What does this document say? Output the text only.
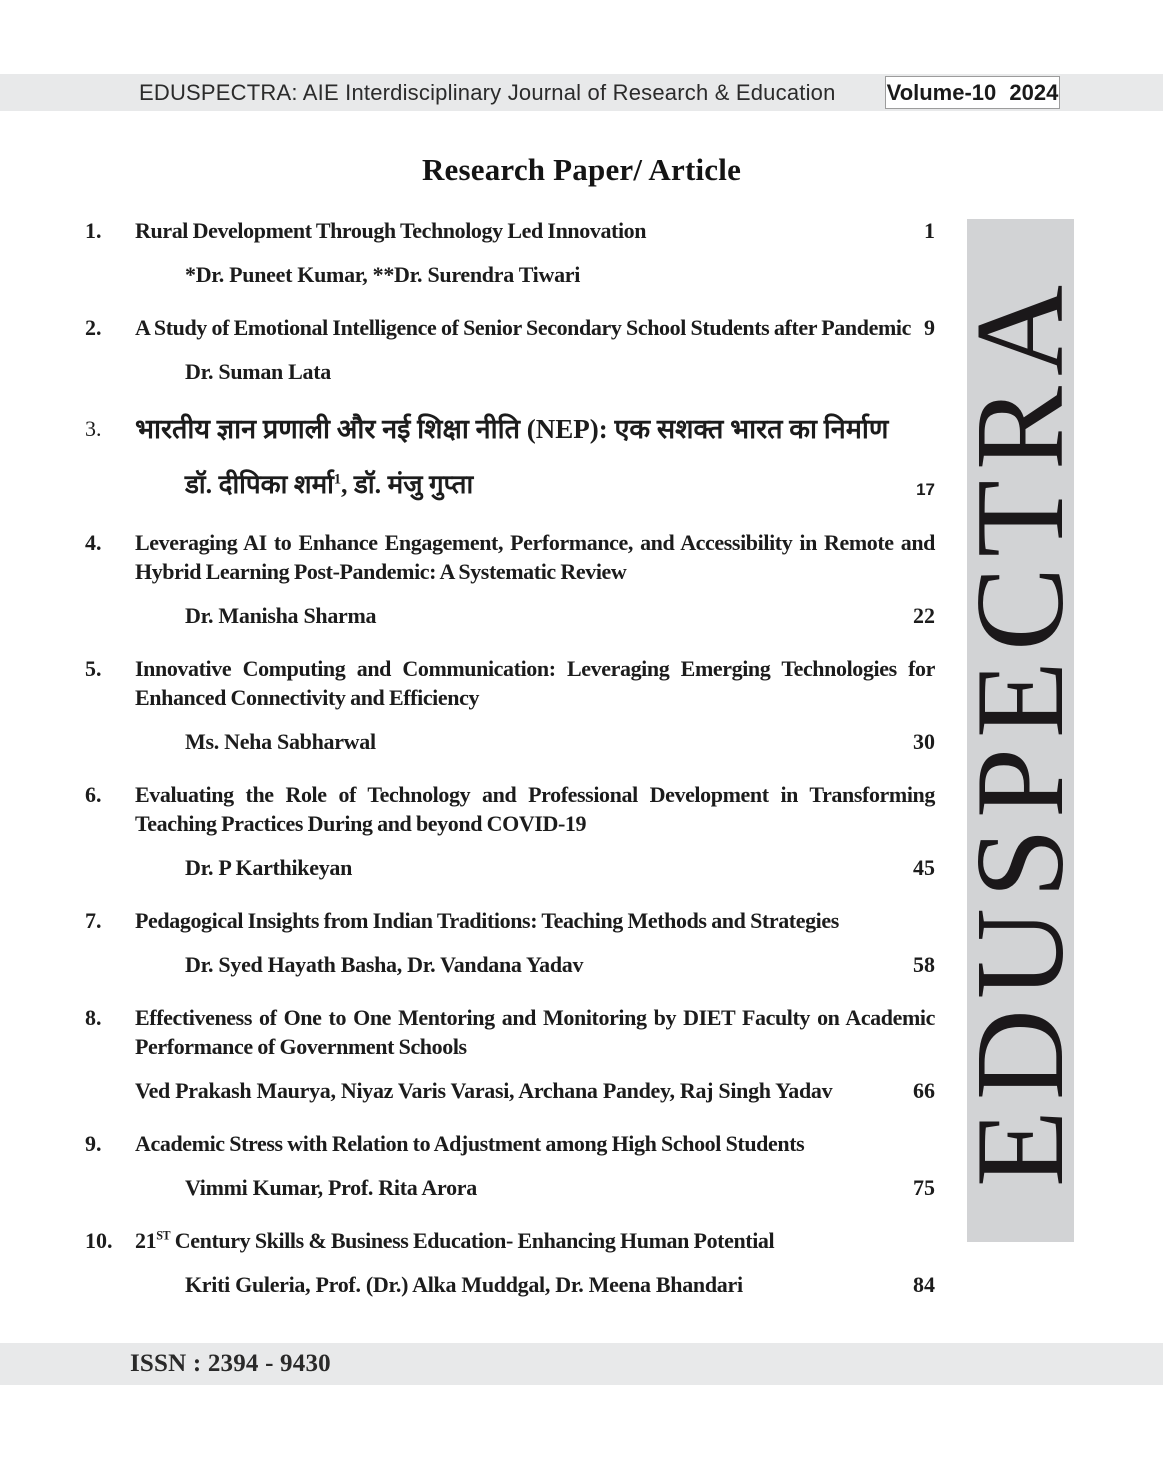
EDUSPECTRA: AIE Interdisciplinary Journal of Research & Education Volume-10 2024
Research Paper/ Article
1.	Rural Development Through Technology Led Innovation	1
*Dr. Puneet Kumar, **Dr. Surendra Tiwari
2.	A Study of Emotional Intelligence of Senior Secondary School Students after Pandemic 9
Dr. Suman Lata
3.	भारतीय ज्ञान प्रणाली और नई शिक्षा नीति (NEP): एक सशक्त भारत का निर्माण
डॉ. दीपिका शर्मा$^1$, डॉ. मंजु गुप्ता	17
4.	Leveraging AI to Enhance Engagement, Performance, and Accessibility in Remote and Hybrid Learning Post-Pandemic: A Systematic Review
Dr. Manisha Sharma	22
5.	Innovative Computing and Communication: Leveraging Emerging Technologies for Enhanced Connectivity and Efficiency
Ms. Neha Sabharwal	30
6.	Evaluating the Role of Technology and Professional Development in Transforming Teaching Practices During and beyond COVID-19
Dr. P Karthikeyan	45
7.	Pedagogical Insights from Indian Traditions: Teaching Methods and Strategies
Dr. Syed Hayath Basha, Dr. Vandana Yadav	58
8.	Effectiveness of One to One Mentoring and Monitoring by DIET Faculty on Academic Performance of Government Schools
Ved Prakash Maurya, Niyaz Varis Varasi, Archana Pandey, Raj Singh Yadav	66
9.	Academic Stress with Relation to Adjustment among High School Students
Vimmi Kumar, Prof. Rita Arora	75
10.	21ST Century Skills & Business Education- Enhancing Human Potential
Kriti Guleria, Prof. (Dr.) Alka Muddgal, Dr. Meena Bhandari	84
EDUSPECTRA
ISSN : 2394 - 9430
